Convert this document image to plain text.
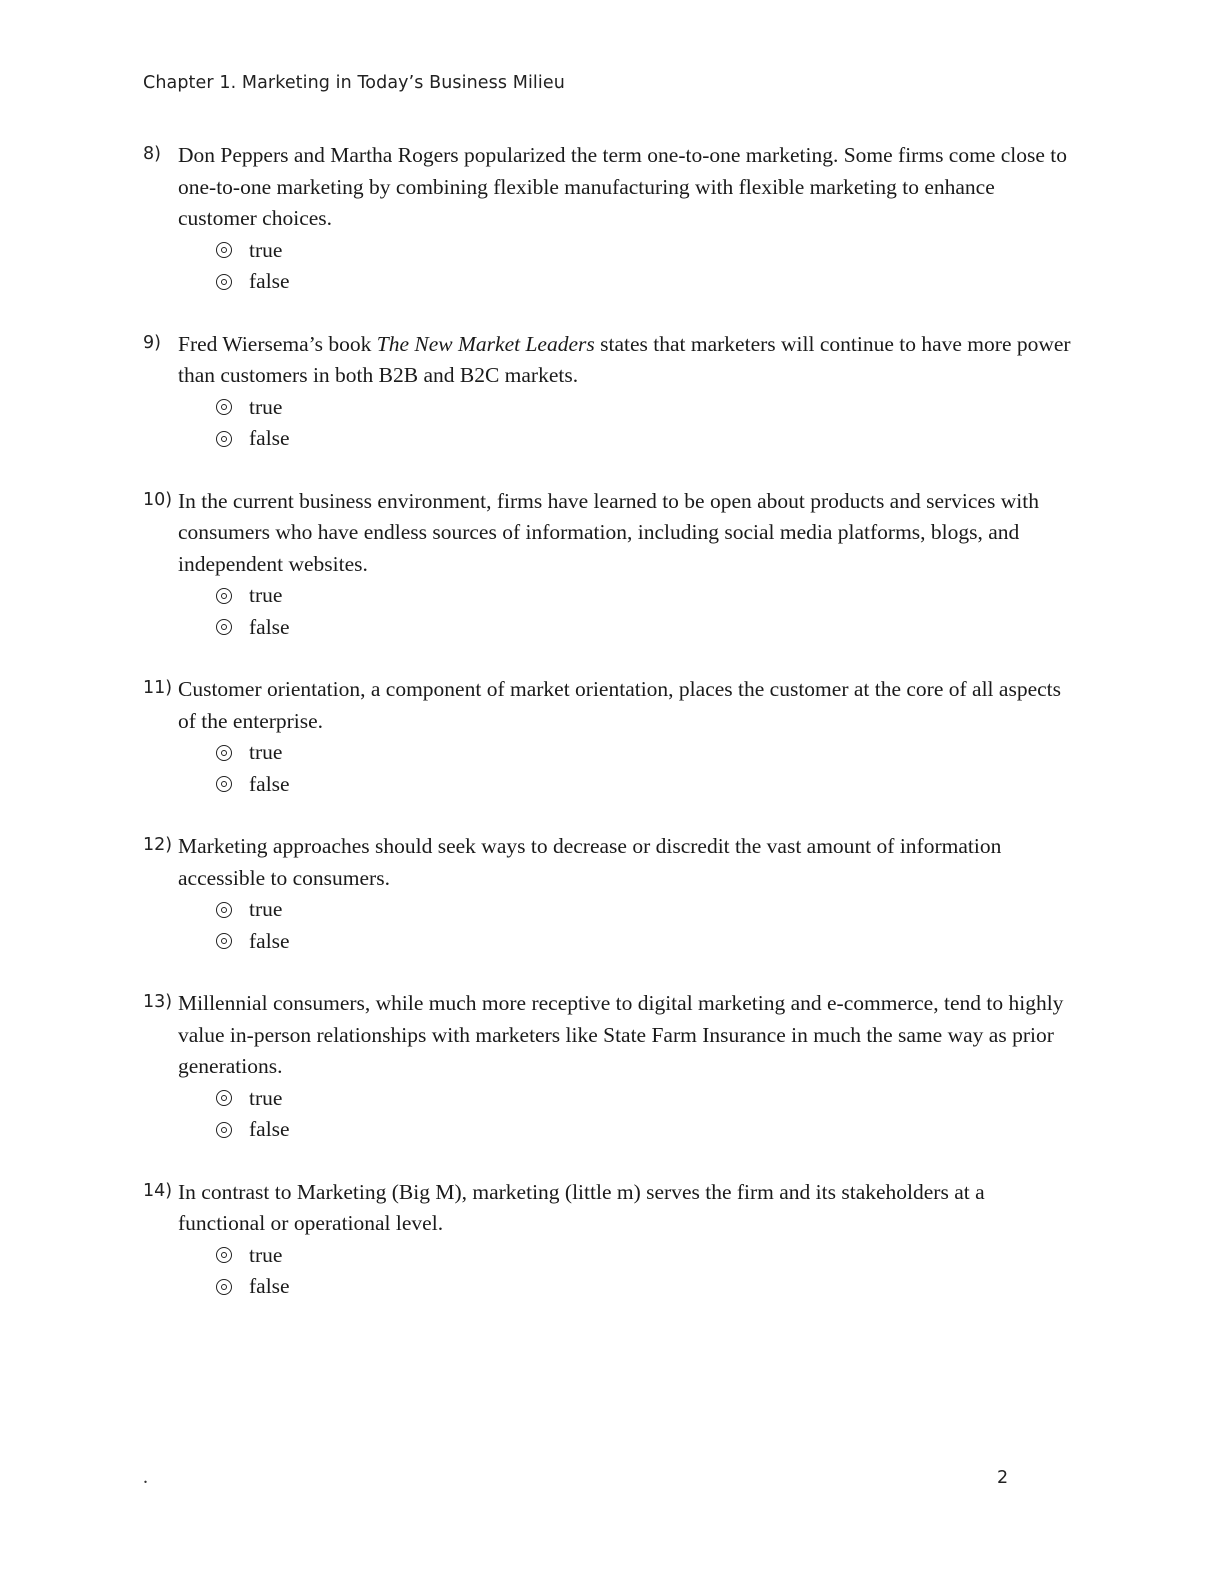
Chapter 1. Marketing in Today’s Business Milieu
8) Don Peppers and Martha Rogers popularized the term one-to-one marketing. Some firms come close to one-to-one marketing by combining flexible manufacturing with flexible marketing to enhance customer choices.
true
false
9) Fred Wiersema’s book The New Market Leaders states that marketers will continue to have more power than customers in both B2B and B2C markets.
true
false
10) In the current business environment, firms have learned to be open about products and services with consumers who have endless sources of information, including social media platforms, blogs, and independent websites.
true
false
11) Customer orientation, a component of market orientation, places the customer at the core of all aspects of the enterprise.
true
false
12) Marketing approaches should seek ways to decrease or discredit the vast amount of information accessible to consumers.
true
false
13) Millennial consumers, while much more receptive to digital marketing and e-commerce, tend to highly value in-person relationships with marketers like State Farm Insurance in much the same way as prior generations.
true
false
14) In contrast to Marketing (Big M), marketing (little m) serves the firm and its stakeholders at a functional or operational level.
true
false
.	2
